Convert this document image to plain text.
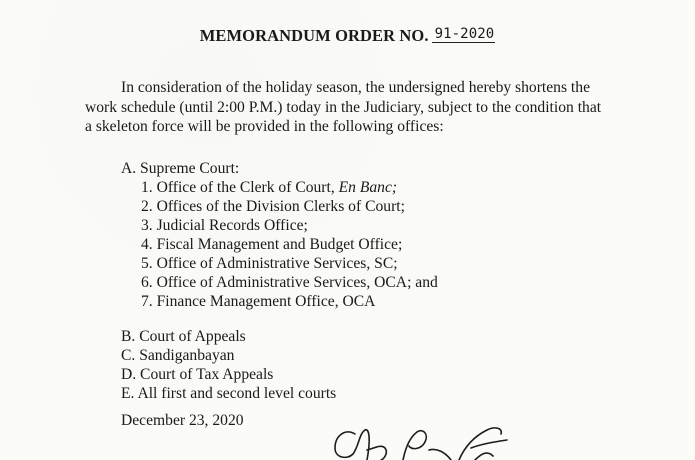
MEMORANDUM ORDER NO. 91-2020
In consideration of the holiday season, the undersigned hereby shortens the
work schedule (until 2:00 P.M.) today in the Judiciary, subject to the condition that
a skeleton force will be provided in the following offices:
A. Supreme Court:
1. Office of the Clerk of Court, En Banc;
2. Offices of the Division Clerks of Court;
3. Judicial Records Office;
4. Fiscal Management and Budget Office;
5. Office of Administrative Services, SC;
6. Office of Administrative Services, OCA; and
7. Finance Management Office, OCA
B. Court of Appeals
C. Sandiganbayan
D. Court of Tax Appeals
E. All first and second level courts
December 23, 2020
